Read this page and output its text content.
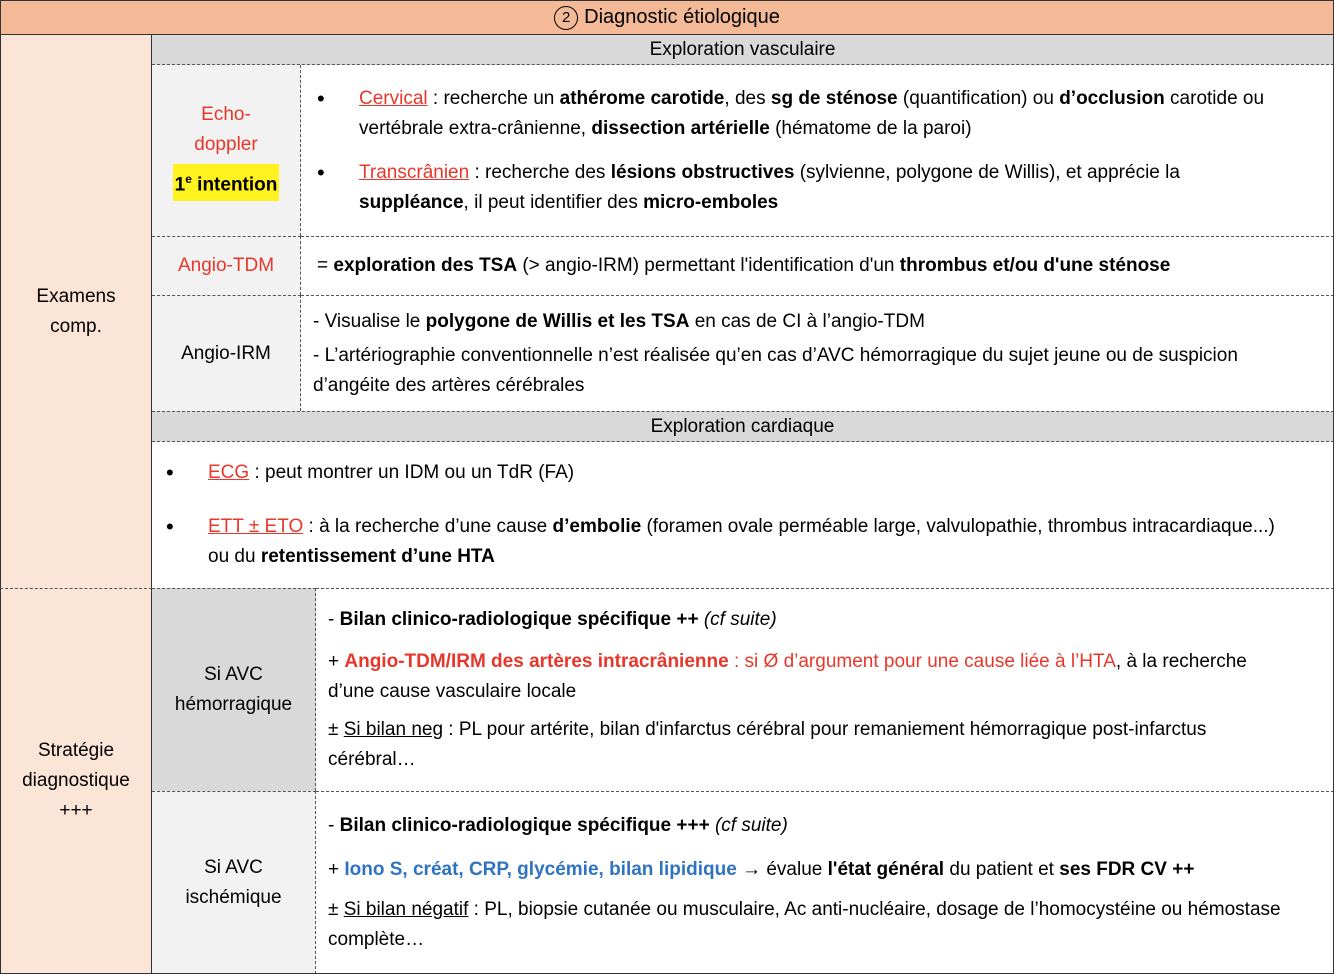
2 Diagnostic étiologique
Examens
comp.
Stratégie
diagnostique
+++
Exploration vasculaire
Echo-
doppler
1e intention
• Cervical : recherche un athérome carotide, des sg de sténose (quantification) ou d’occlusion carotide ou vertébrale extra-crânienne, dissection artérielle (hématome de la paroi)
• Transcrânien : recherche des lésions obstructives (sylvienne, polygone de Willis), et apprécie la suppléance, il peut identifier des micro-emboles
Angio-TDM = exploration des TSA (> angio-IRM) permettant l'identification d'un thrombus et/ou d'une sténose
Angio-IRM
- Visualise le polygone de Willis et les TSA en cas de CI à l’angio-TDM
- L’artériographie conventionnelle n’est réalisée qu’en cas d’AVC hémorragique du sujet jeune ou de suspicion d’angéite des artères cérébrales
Exploration cardiaque
• ECG : peut montrer un IDM ou un TdR (FA)
• ETT ± ETO : à la recherche d’une cause d’embolie (foramen ovale perméable large, valvulopathie, thrombus intracardiaque...) ou du retentissement d’une HTA
Si AVC
hémorragique
- Bilan clinico-radiologique spécifique ++ (cf suite)
+ Angio-TDM/IRM des artères intracrânienne : si Ø d’argument pour une cause liée à l’HTA, à la recherche d’une cause vasculaire locale
± Si bilan neg : PL pour artérite, bilan d'infarctus cérébral pour remaniement hémorragique post-infarctus cérébral…
Si AVC
ischémique
- Bilan clinico-radiologique spécifique +++ (cf suite)
+ Iono S, créat, CRP, glycémie, bilan lipidique → évalue l'état général du patient et ses FDR CV ++
± Si bilan négatif : PL, biopsie cutanée ou musculaire, Ac anti-nucléaire, dosage de l’homocystéine ou hémostase complète…
